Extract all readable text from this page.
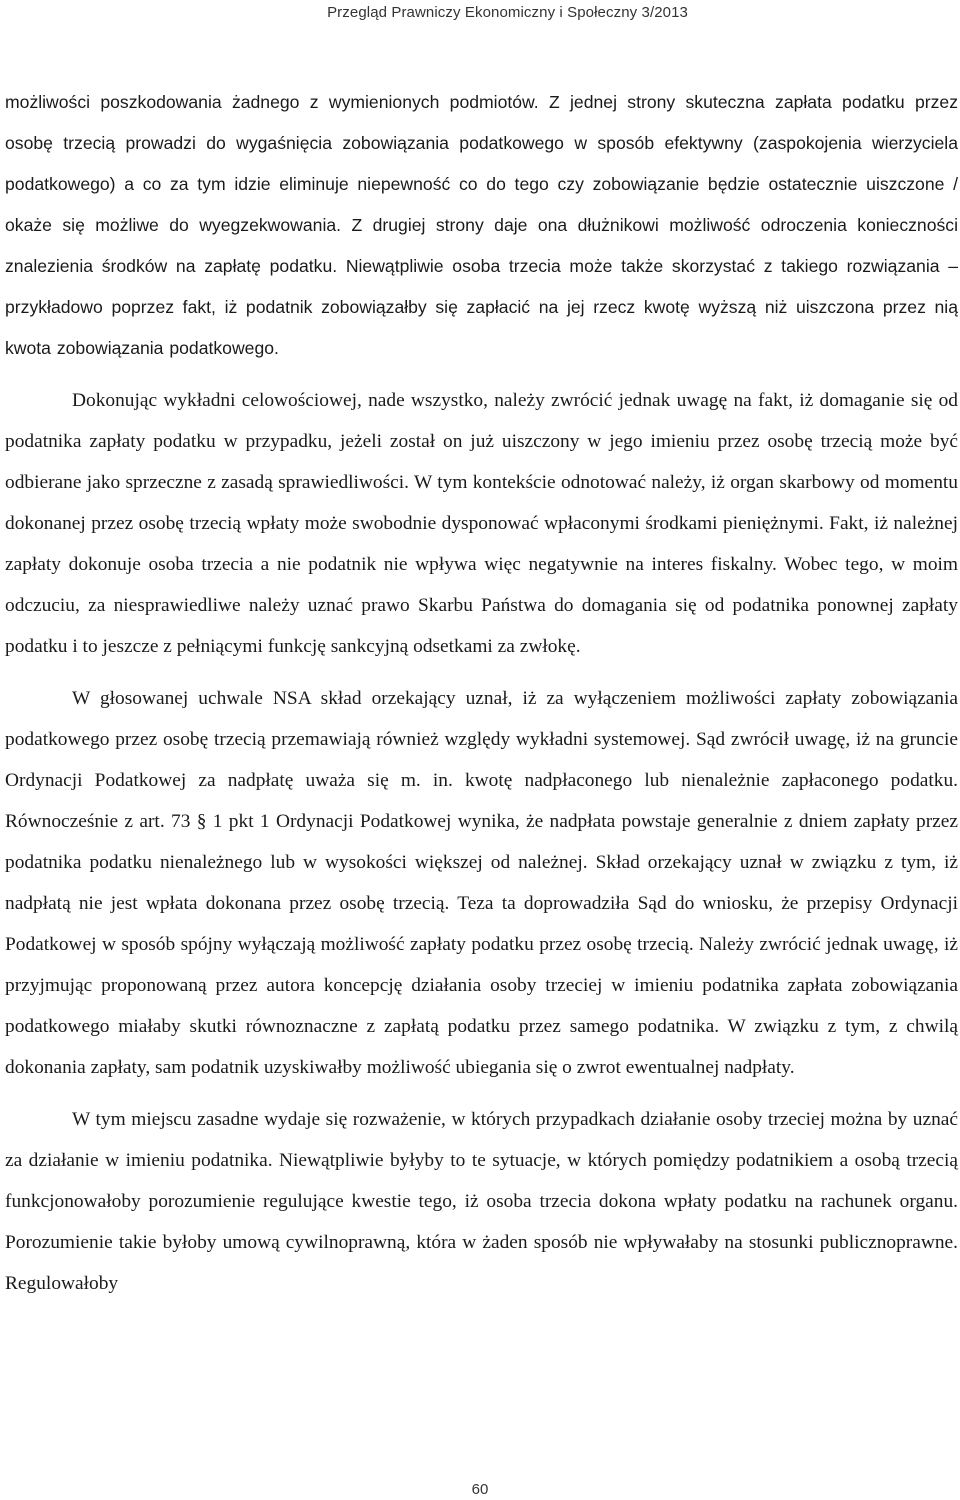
Przegląd Prawniczy Ekonomiczny i Społeczny 3/2013

możliwości poszkodowania żadnego z wymienionych podmiotów. Z jednej strony skuteczna zapłata podatku przez osobę trzecią prowadzi do wygaśnięcia zobowiązania podatkowego w sposób efektywny (zaspokojenia wierzyciela podatkowego) a co za tym idzie eliminuje niepewność co do tego czy zobowiązanie będzie ostatecznie uiszczone / okaże się możliwe do wyegzekwowania. Z drugiej strony daje ona dłużnikowi możliwość odroczenia konieczności znalezienia środków na zapłatę podatku. Niewątpliwie osoba trzecia może także skorzystać z takiego rozwiązania – przykładowo poprzez fakt, iż podatnik zobowiązałby się zapłacić na jej rzecz kwotę wyższą niż uiszczona przez nią kwota zobowiązania podatkowego.

Dokonując wykładni celowościowej, nade wszystko, należy zwrócić jednak uwagę na fakt, iż domaganie się od podatnika zapłaty podatku w przypadku, jeżeli został on już uiszczony w jego imieniu przez osobę trzecią może być odbierane jako sprzeczne z zasadą sprawiedliwości. W tym kontekście odnotować należy, iż organ skarbowy od momentu dokonanej przez osobę trzecią wpłaty może swobodnie dysponować wpłaconymi środkami pieniężnymi. Fakt, iż należnej zapłaty dokonuje osoba trzecia a nie podatnik nie wpływa więc negatywnie na interes fiskalny. Wobec tego, w moim odczuciu, za niesprawiedliwe należy uznać prawo Skarbu Państwa do domagania się od podatnika ponownej zapłaty podatku i to jeszcze z pełniącymi funkcję sankcyjną odsetkami za zwłokę.

W głosowanej uchwale NSA skład orzekający uznał, iż za wyłączeniem możliwości zapłaty zobowiązania podatkowego przez osobę trzecią przemawiają również względy wykładni systemowej. Sąd zwrócił uwagę, iż na gruncie Ordynacji Podatkowej za nadpłatę uważa się m. in. kwotę nadpłaconego lub nienależnie zapłaconego podatku. Równocześnie z art. 73 § 1 pkt 1 Ordynacji Podatkowej wynika, że nadpłata powstaje generalnie z dniem zapłaty przez podatnika podatku nienależnego lub w wysokości większej od należnej. Skład orzekający uznał w związku z tym, iż nadpłatą nie jest wpłata dokonana przez osobę trzecią. Teza ta doprowadziła Sąd do wniosku, że przepisy Ordynacji Podatkowej w sposób spójny wyłączają możliwość zapłaty podatku przez osobę trzecią. Należy zwrócić jednak uwagę, iż przyjmując proponowaną przez autora koncepcję działania osoby trzeciej w imieniu podatnika zapłata zobowiązania podatkowego miałaby skutki równoznaczne z zapłatą podatku przez samego podatnika. W związku z tym, z chwilą dokonania zapłaty, sam podatnik uzyskiwałby możliwość ubiegania się o zwrot ewentualnej nadpłaty.

W tym miejscu zasadne wydaje się rozważenie, w których przypadkach działanie osoby trzeciej można by uznać za działanie w imieniu podatnika. Niewątpliwie byłyby to te sytuacje, w których pomiędzy podatnikiem a osobą trzecią funkcjonowałoby porozumienie regulujące kwestie tego, iż osoba trzecia dokona wpłaty podatku na rachunek organu. Porozumienie takie byłoby umową cywilnoprawną, która w żaden sposób nie wpływałaby na stosunki publicznoprawne. Regulowałoby

60
